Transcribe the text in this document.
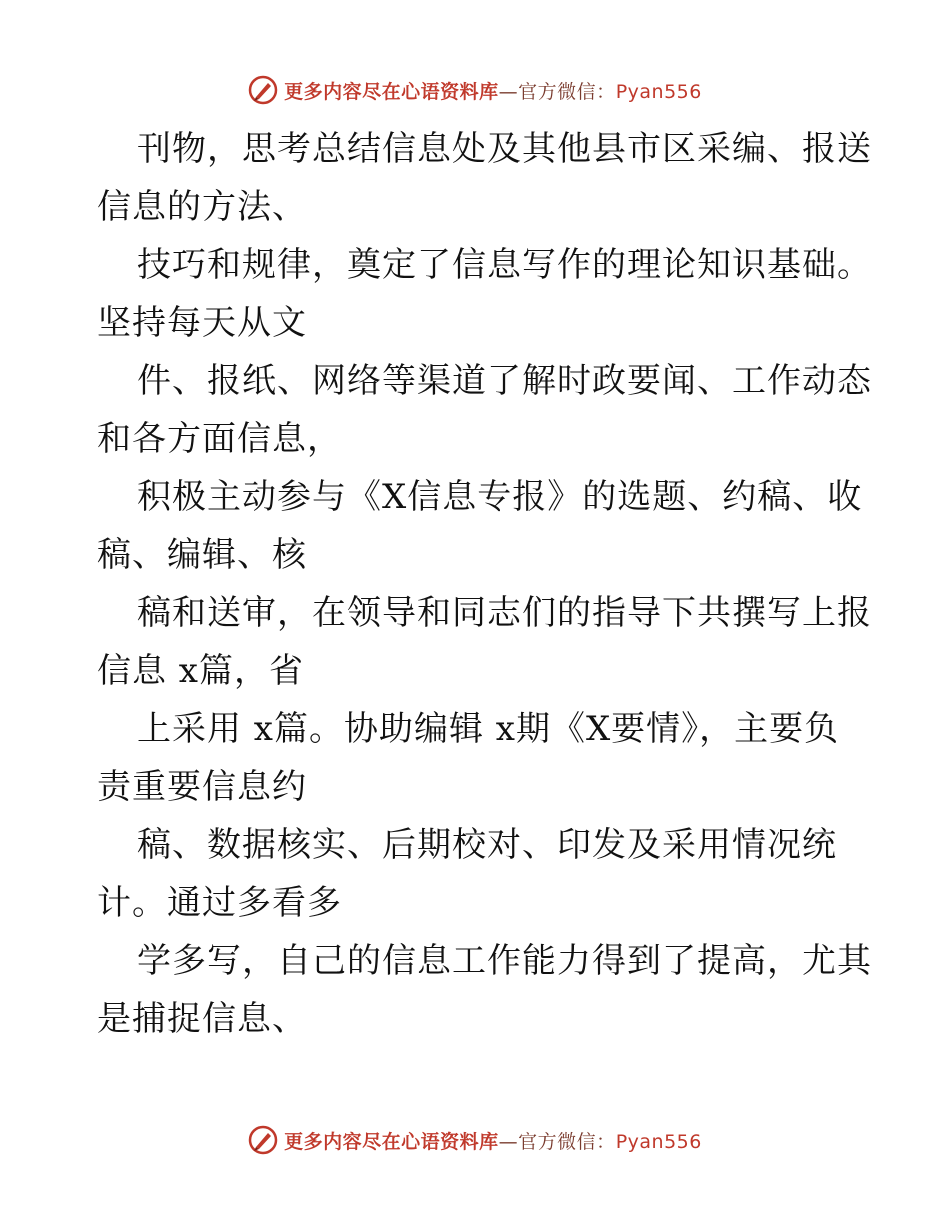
更多内容尽在心语资料库—官方微信：Pyan556
刊物，思考总结信息处及其他县市区采编、报送
信息的方法、
技巧和规律，奠定了信息写作的理论知识基础。
坚持每天从文
件、报纸、网络等渠道了解时政要闻、工作动态
和各方面信息，
积极主动参与《X信息专报》的选题、约稿、收
稿、编辑、核
稿和送审，在领导和同志们的指导下共撰写上报
信息 x篇，省
上采用 x篇。协助编辑 x期《X要情》，主要负
责重要信息约
稿、数据核实、后期校对、印发及采用情况统
计。通过多看多
学多写，自己的信息工作能力得到了提高，尤其
是捕捉信息、
更多内容尽在心语资料库—官方微信：Pyan556
